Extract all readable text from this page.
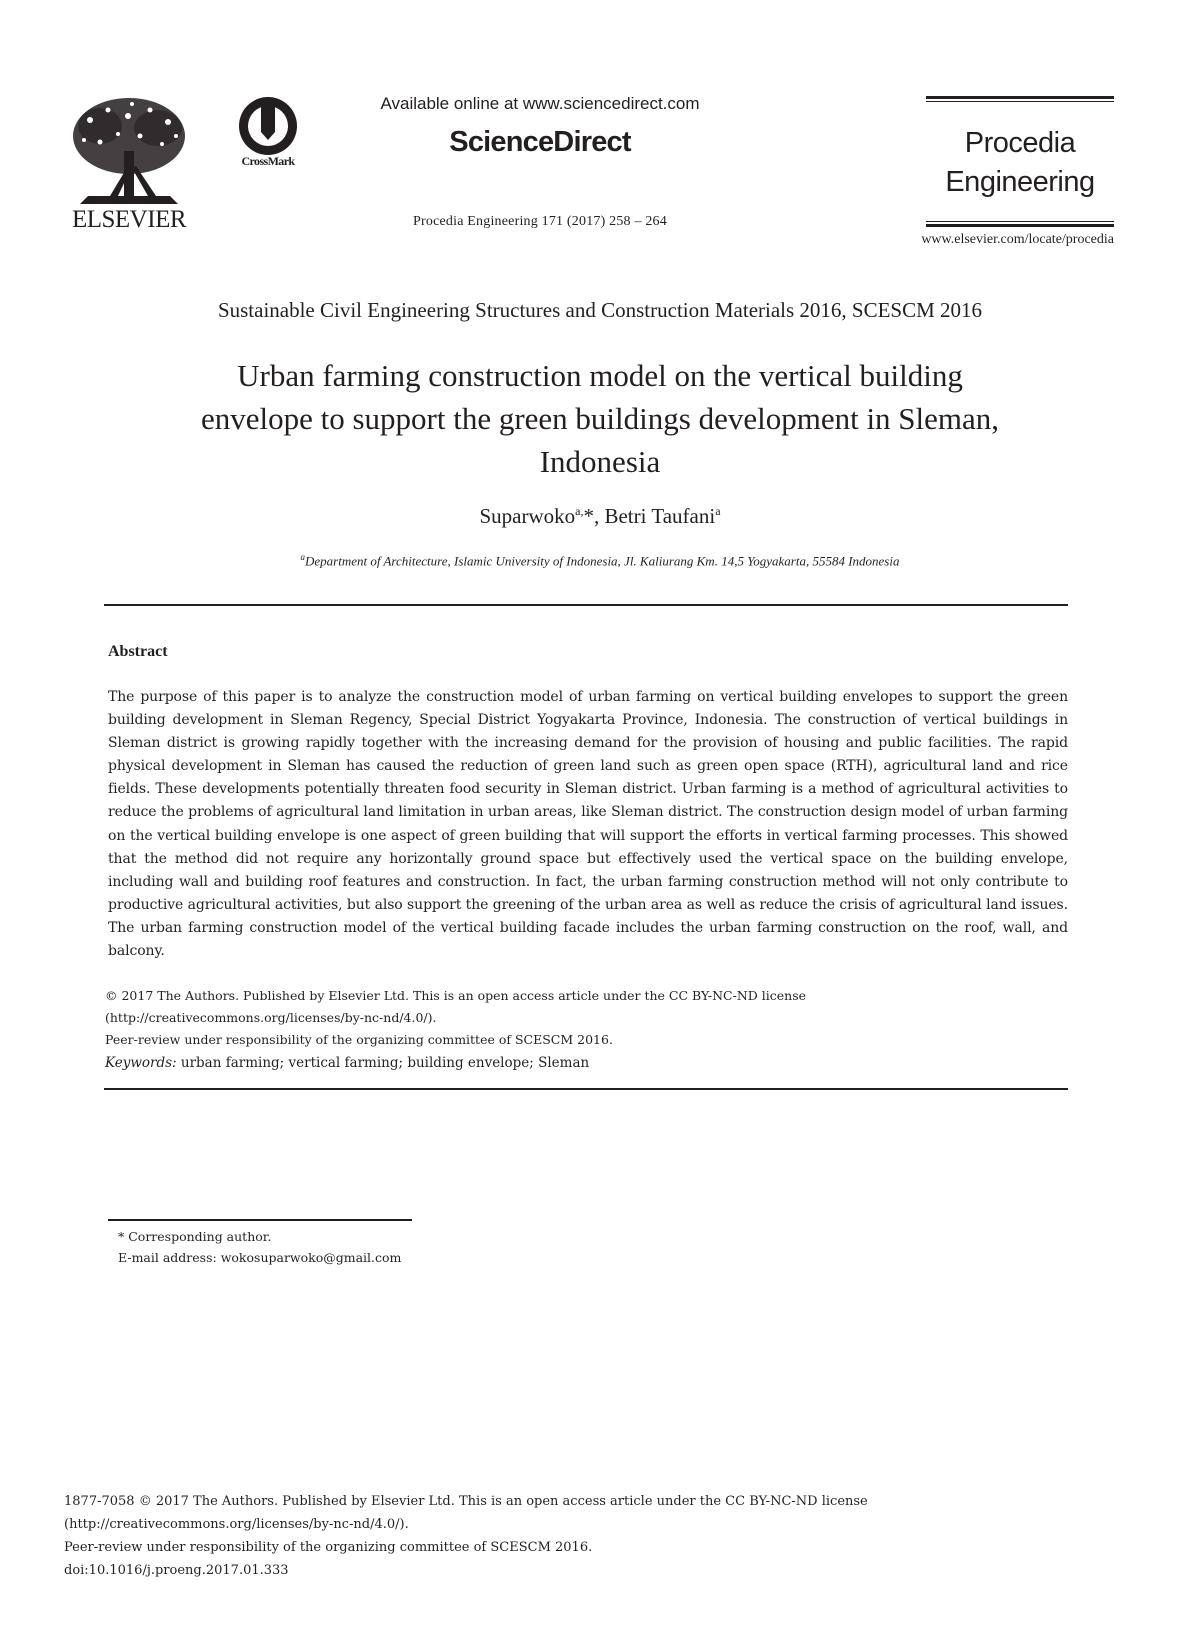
ELSEVIER
CrossMark
Available online at www.sciencedirect.com
ScienceDirect
Procedia Engineering 171 (2017) 258 – 264
Procedia
Engineering
www.elsevier.com/locate/procedia
Sustainable Civil Engineering Structures and Construction Materials 2016, SCESCM 2016
Urban farming construction model on the vertical building
envelope to support the green buildings development in Sleman,
Indonesia
Suparwoko$^{a,}$*, Betri Taufani$^a$
$^a$Department of Architecture, Islamic University of Indonesia, Jl. Kaliurang Km. 14,5 Yogyakarta, 55584 Indonesia
Abstract
The purpose of this paper is to analyze the construction model of urban farming on vertical building envelopes to support the green building development in Sleman Regency, Special District Yogyakarta Province, Indonesia. The construction of vertical buildings in Sleman district is growing rapidly together with the increasing demand for the provision of housing and public facilities. The rapid physical development in Sleman has caused the reduction of green land such as green open space (RTH), agricultural land and rice fields. These developments potentially threaten food security in Sleman district. Urban farming is a method of agricultural activities to reduce the problems of agricultural land limitation in urban areas, like Sleman district. The construction design model of urban farming on the vertical building envelope is one aspect of green building that will support the efforts in vertical farming processes. This showed that the method did not require any horizontally ground space but effectively used the vertical space on the building envelope, including wall and building roof features and construction. In fact, the urban farming construction method will not only contribute to productive agricultural activities, but also support the greening of the urban area as well as reduce the crisis of agricultural land issues. The urban farming construction model of the vertical building facade includes the urban farming construction on the roof, wall, and balcony.
© 2017 The Authors. Published by Elsevier Ltd. This is an open access article under the CC BY-NC-ND license
(http://creativecommons.org/licenses/by-nc-nd/4.0/).
Peer-review under responsibility of the organizing committee of SCESCM 2016.
Keywords: urban farming; vertical farming; building envelope; Sleman
* Corresponding author.
E-mail address: wokosuparwoko@gmail.com
1877-7058 © 2017 The Authors. Published by Elsevier Ltd. This is an open access article under the CC BY-NC-ND license
(http://creativecommons.org/licenses/by-nc-nd/4.0/).
Peer-review under responsibility of the organizing committee of SCESCM 2016.
doi:10.1016/j.proeng.2017.01.333
